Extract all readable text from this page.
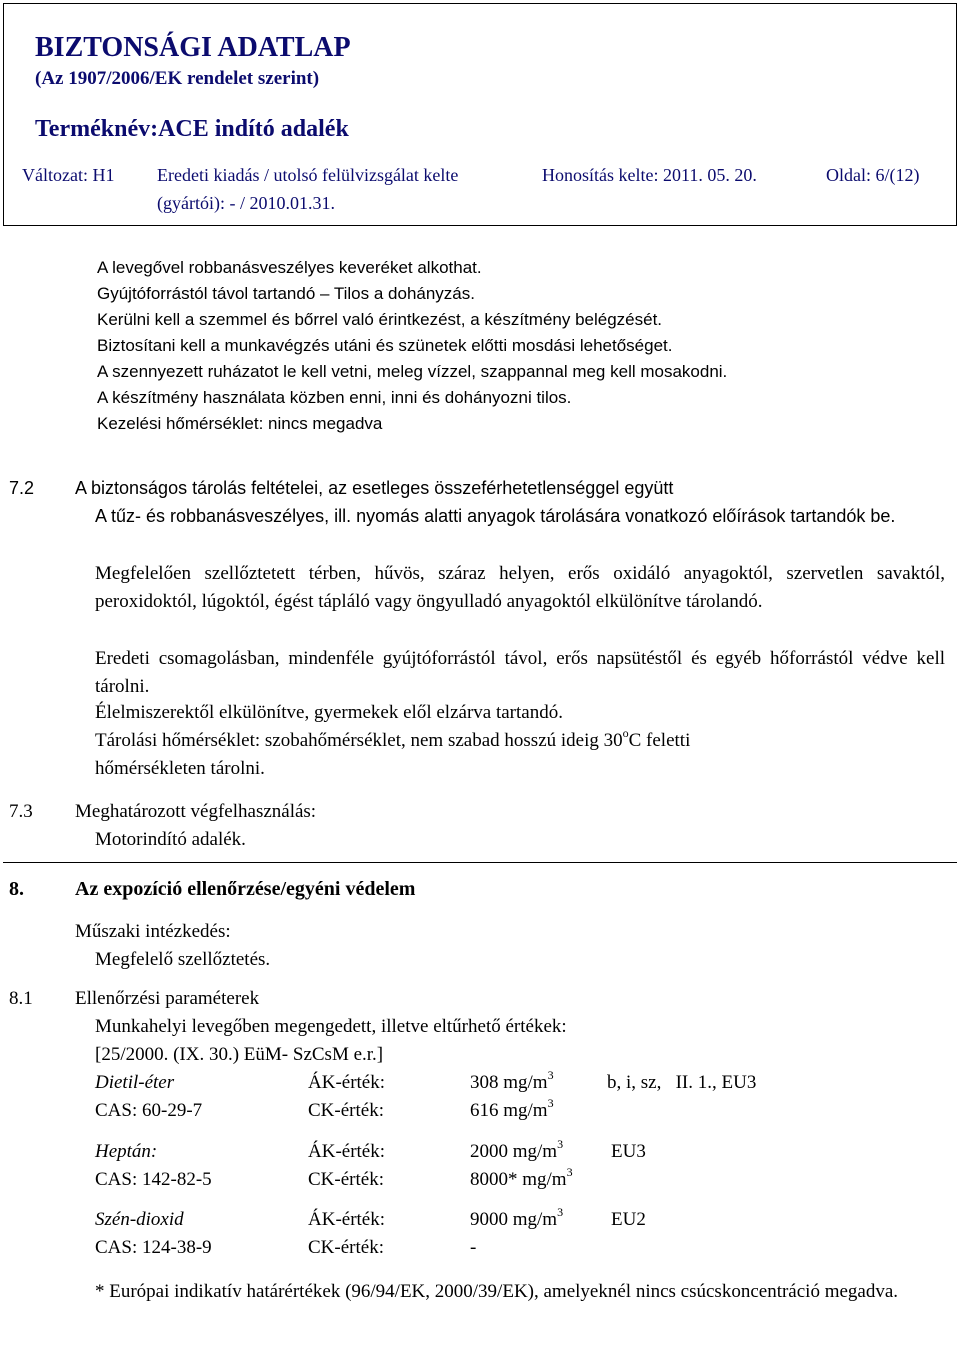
BIZTONSÁGI ADATLAP
(Az 1907/2006/EK rendelet szerint)
Terméknév:ACE indító adalék
Változat: H1 Eredeti kiadás / utolsó felülvizsgálat kelte
(gyártói): - / 2010.01.31.
Honosítás kelte: 2011. 05. 20.	Oldal: 6/(12)
A levegővel robbanásveszélyes keveréket alkothat.
Gyújtóforrástól távol tartandó – Tilos a dohányzás.
Kerülni kell a szemmel és bőrrel való érintkezést, a készítmény belégzését.
Biztosítani kell a munkavégzés utáni és szünetek előtti mosdási lehetőséget.
A szennyezett ruházatot le kell vetni, meleg vízzel, szappannal meg kell mosakodni.
A készítmény használata közben enni, inni és dohányozni tilos.
Kezelési hőmérséklet: nincs megadva
7.2 A biztonságos tárolás feltételei, az esetleges összeférhetetlenséggel együtt
A tűz- és robbanásveszélyes, ill. nyomás alatti anyagok tárolására vonatkozó előírások tartandók be.
Megfelelően szellőztetett térben, hűvös, száraz helyen, erős oxidáló anyagoktól, szervetlen savaktól, peroxidoktól, lúgoktól, égést tápláló vagy öngyulladó anyagoktól elkülönítve tárolandó.
Eredeti csomagolásban, mindenféle gyújtóforrástól távol, erős napsütéstől és egyéb hőforrástól védve kell tárolni.
Élelmiszerektől elkülönítve, gyermekek elől elzárva tartandó.
Tárolási hőmérséklet: szobahőmérséklet, nem szabad hosszú ideig 30$^o$C feletti
hőmérsékleten tárolni.
7.3 Meghatározott végfelhasználás:
Motorindító adalék.
8.	Az expozíció ellenőrzése/egyéni védelem
Műszaki intézkedés:
Megfelelő szellőztetés.
8.1 Ellenőrzési paraméterek
Munkahelyi levegőben megengedett, illetve eltűrhető értékek:
[25/2000. (IX. 30.) EüM- SzCsM e.r.]
Dietil-éter	ÁK-érték:	308 $mg/m^3$	b, i, sz,   II. 1., EU3
CAS: 60-29-7	CK-érték:	616 $mg/m^3$
Heptán:	ÁK-érték:	2000 $mg/m^3$	EU3
CAS: 142-82-5	CK-érték:	8000* $mg/m^3$
Szén-dioxid	ÁK-érték:	9000 $mg/m^3$	EU2
CAS: 124-38-9	CK-érték:	-
* Európai indikatív határértékek (96/94/EK, 2000/39/EK), amelyeknél nincs csúcskoncentráció megadva.
